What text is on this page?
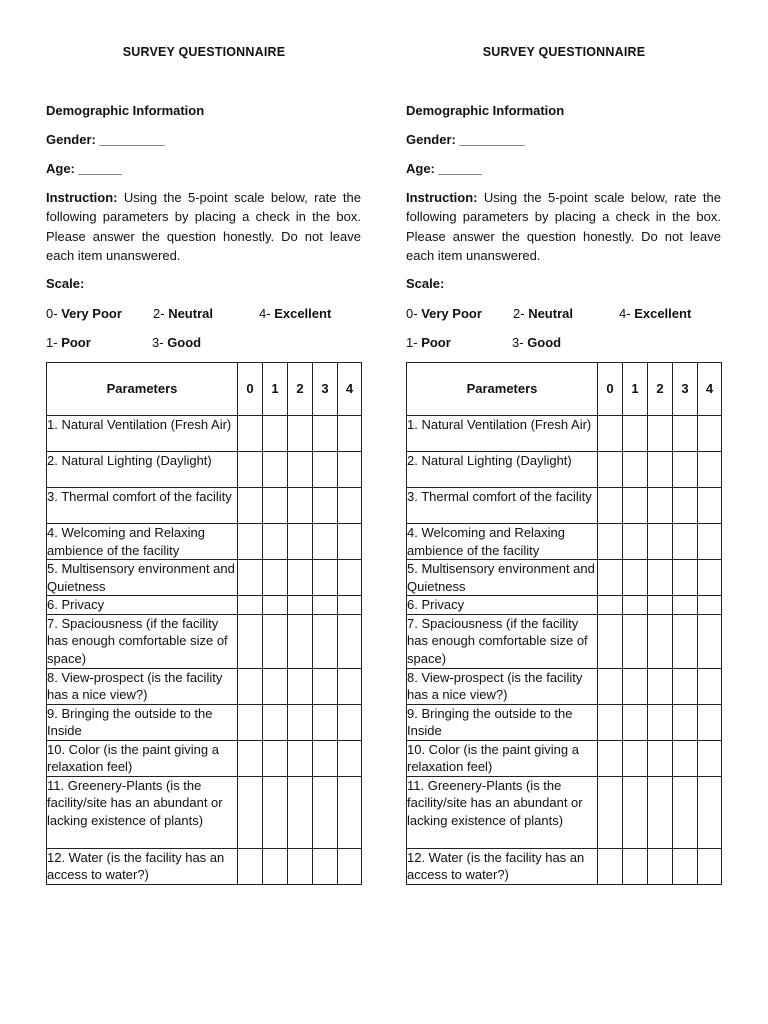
SURVEY QUESTIONNAIRE
Demographic Information
Gender: _________
Age: ______
Instruction: Using the 5-point scale below, rate the following parameters by placing a check in the box. Please answer the question honestly. Do not leave each item unanswered.
Scale:
0- Very Poor
1- Poor
2- Neutral
3- Good
4- Excellent
Parameters	0	1	2	3	4
1. Natural Ventilation (Fresh Air)					
2. Natural Lighting (Daylight)					
3. Thermal comfort of the facility					
4. Welcoming and Relaxing ambience of the facility					
5. Multisensory environment and Quietness					
6. Privacy					
7. Spaciousness (if the facility has enough comfortable size of space)					
8. View-prospect (is the facility has a nice view?)					
9. Bringing the outside to the Inside					
10. Color (is the paint giving a relaxation feel)					
11. Greenery-Plants (is the facility/site has an abundant or lacking existence of plants)					
12. Water (is the facility has an access to water?)					
SURVEY QUESTIONNAIRE
Demographic Information
Gender: _________
Age: ______
Instruction: Using the 5-point scale below, rate the following parameters by placing a check in the box. Please answer the question honestly. Do not leave each item unanswered.
Scale:
0- Very Poor
1- Poor
2- Neutral
3- Good
4- Excellent
Parameters	0	1	2	3	4
1. Natural Ventilation (Fresh Air)					
2. Natural Lighting (Daylight)					
3. Thermal comfort of the facility					
4. Welcoming and Relaxing ambience of the facility					
5. Multisensory environment and Quietness					
6. Privacy					
7. Spaciousness (if the facility has enough comfortable size of space)					
8. View-prospect (is the facility has a nice view?)					
9. Bringing the outside to the Inside					
10. Color (is the paint giving a relaxation feel)					
11. Greenery-Plants (is the facility/site has an abundant or lacking existence of plants)					
12. Water (is the facility has an access to water?)					
